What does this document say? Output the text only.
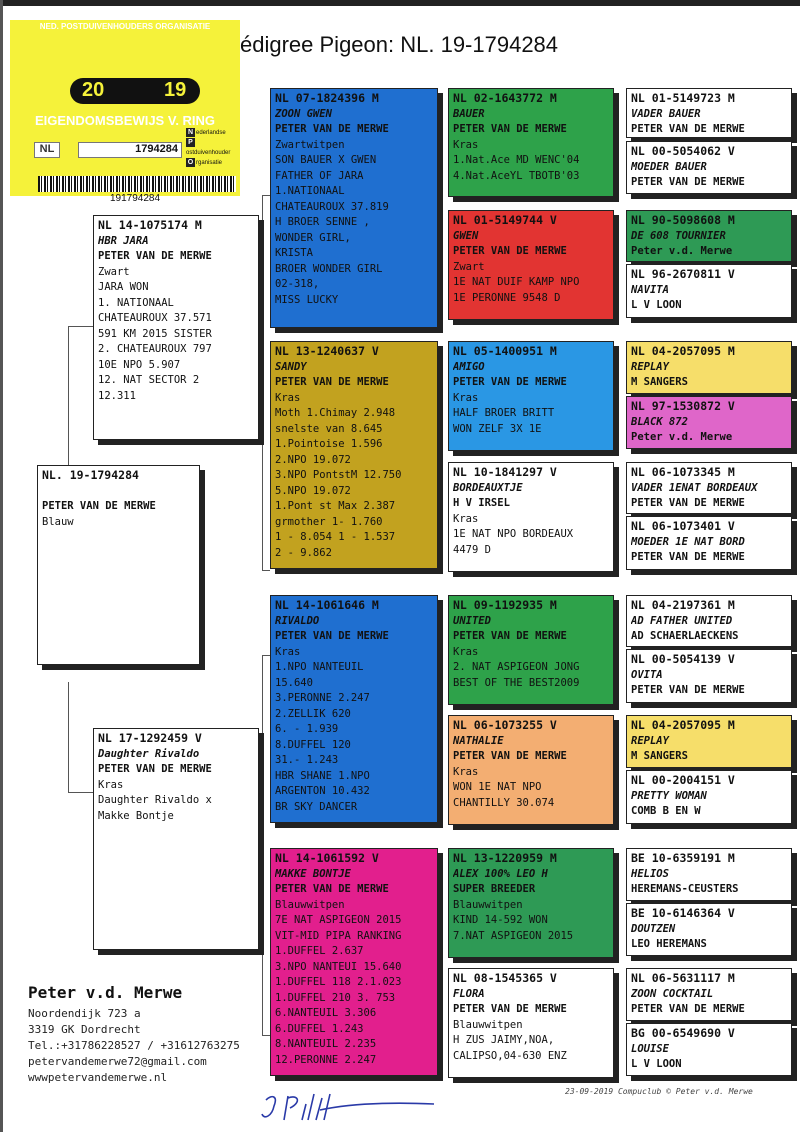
édigree Pigeon: NL. 19-1794284
NED. POSTDUIVENHOUDERS ORGANISATIE
20	19
EIGENDOMSBEWIJS V. RING
NL	1794284
N ederlandse
Postduivenhouder
O rganisatie
191794284
NL. 19-1794284

PETER VAN DE MERWE
Blauw
NL 14-1075174 M
HBR JARA
PETER VAN DE MERWE
Zwart
JARA WON
1. NATIONAAL
CHATEAUROUX 37.571
591 KM 2015 SISTER
2. CHATEAUROUX 797
10E NPO 5.907
12. NAT SECTOR 2
12.311
NL 17-1292459 V
Daughter Rivaldo
PETER VAN DE MERWE
Kras
Daughter Rivaldo x
Makke Bontje
NL 07-1824396 M
ZOON GWEN
PETER VAN DE MERWE
Zwartwitpen
SON BAUER X GWEN
FATHER OF JARA
1.NATIONAAL
CHATEAUROUX 37.819
H BROER SENNE ,
WONDER GIRL,
KRISTA
BROER WONDER GIRL
02-318,
MISS LUCKY
NL 13-1240637 V
SANDY
PETER VAN DE MERWE
Kras
Moth 1.Chimay 2.948
snelste van 8.645
1.Pointoise 1.596
2.NPO 19.072
3.NPO PontstM 12.750
5.NPO 19.072
1.Pont st Max 2.387
grmother 1- 1.760
1 - 8.054 1 - 1.537
2 - 9.862
NL 14-1061646 M
RIVALDO
PETER VAN DE MERWE
Kras
1.NPO NANTEUIL
15.640
3.PERONNE 2.247
2.ZELLIK 620
6. - 1.939
8.DUFFEL 120
31.- 1.243
HBR SHANE 1.NPO
ARGENTON 10.432
BR SKY DANCER
NL 14-1061592 V
MAKKE BONTJE
PETER VAN DE MERWE
Blauwwitpen
7E NAT ASPIGEON 2015
VIT-MID PIPA RANKING
1.DUFFEL 2.637
3.NPO NANTEUI 15.640
1.DUFFEL 118 2.1.023
1.DUFFEL 210 3. 753
6.NANTEUIL 3.306
6.DUFFEL 1.243
8.NANTEUIL 2.235
12.PERONNE 2.247
NL 02-1643772 M
BAUER
PETER VAN DE MERWE
Kras
1.Nat.Ace MD WENC'04
4.Nat.AceYL TBOTB'03
NL 01-5149744 V
GWEN
PETER VAN DE MERWE
Zwart
1E NAT DUIF KAMP NPO
1E PERONNE 9548 D
NL 05-1400951 M
AMIGO
PETER VAN DE MERWE
Kras
HALF BROER BRITT
WON ZELF 3X 1E
NL 10-1841297 V
BORDEAUXTJE
H V IRSEL
Kras
1E NAT NPO BORDEAUX
4479 D
NL 09-1192935 M
UNITED
PETER VAN DE MERWE
Kras
2. NAT ASPIGEON JONG
BEST OF THE BEST2009
NL 06-1073255 V
NATHALIE
PETER VAN DE MERWE
Kras
WON 1E NAT NPO
CHANTILLY 30.074
NL 13-1220959 M
ALEX 100% LEO H
SUPER BREEDER
Blauwwitpen
KIND 14-592 WON
7.NAT ASPIGEON 2015
NL 08-1545365 V
FLORA
PETER VAN DE MERWE
Blauwwitpen
H ZUS JAIMY,NOA,
CALIPSO,04-630 ENZ
NL 01-5149723 M
VADER BAUER
PETER VAN DE MERWE
NL 00-5054062 V
MOEDER BAUER
PETER VAN DE MERWE
NL 90-5098608 M
DE 608 TOURNIER
Peter v.d. Merwe
NL 96-2670811 V
NAVITA
L V LOON
NL 04-2057095 M
REPLAY
M SANGERS
NL 97-1530872 V
BLACK 872
Peter v.d. Merwe
NL 06-1073345 M
VADER 1ENAT BORDEAUX
PETER VAN DE MERWE
NL 06-1073401 V
MOEDER 1E NAT BORD
PETER VAN DE MERWE
NL 04-2197361 M
AD FATHER UNITED
AD SCHAERLAECKENS
NL 00-5054139 V
OVITA
PETER VAN DE MERWE
NL 04-2057095 M
REPLAY
M SANGERS
NL 00-2004151 V
PRETTY WOMAN
COMB B EN W
BE 10-6359191 M
HELIOS
HEREMANS-CEUSTERS
BE 10-6146364 V
DOUTZEN
LEO HEREMANS
NL 06-5631117 M
ZOON COCKTAIL
PETER VAN DE MERWE
BG 00-6549690 V
LOUISE
L V LOON
Peter v.d. Merwe
Noordendijk 723 a
3319 GK Dordrecht
Tel.:+31786228527 / +31612763275
petervandemerwe72@gmail.com
wwwpetervandemerwe.nl
23-09-2019 Compuclub © Peter v.d. Merwe
